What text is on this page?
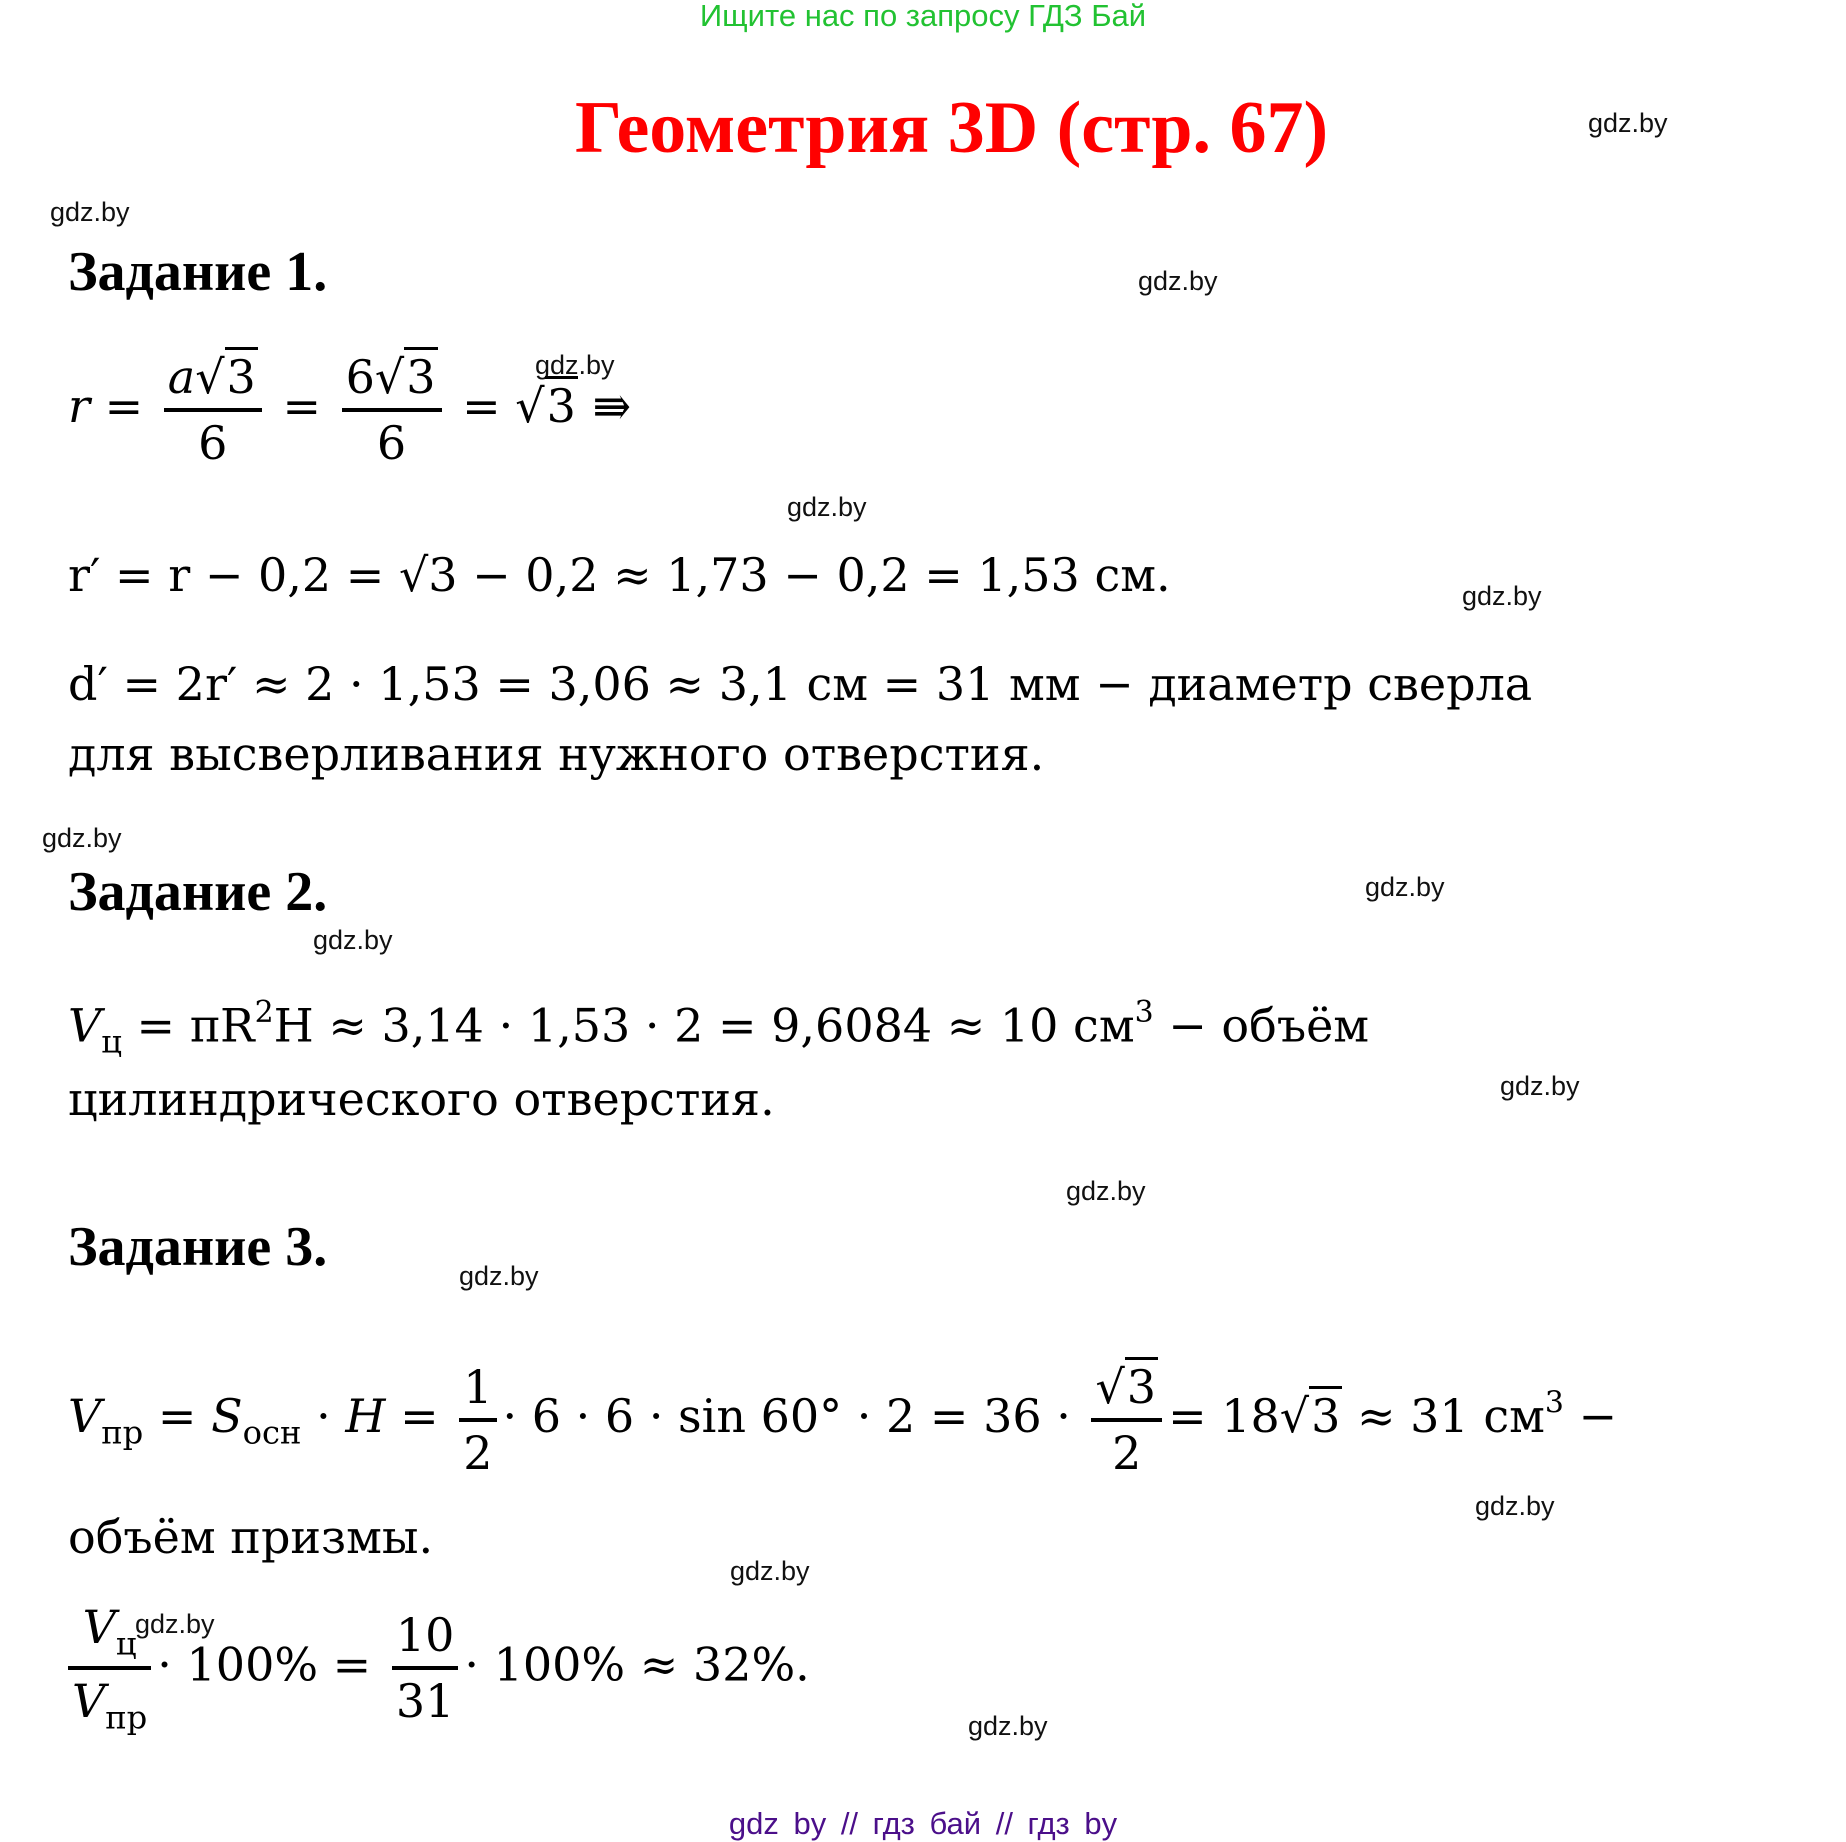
Ищите нас по запросу ГДЗ Бай
Геометрия 3D (стр. 67)	gdz.by
gdz.by
gdz.by
gdz.by
gdz.by
gdz.by
gdz.by
gdz.by
gdz.by
gdz.by
gdz.by
gdz.by
gdz.by
gdz.by
gdz.by
gdz.by
Задание 1.
$r = \frac{a√3}{6} = \frac{6√3}{6} = √3$ ⇛
r′ = r − 0,2 = √3 − 0,2 ≈ 1,73 − 0,2 = 1,53 см.
d′ = 2r′ ≈ 2 · 1,53 = 3,06 ≈ 3,1 см = 31 мм − диаметр сверла
для высверливания нужного отверстия.
Задание 2.
$V_ц = \pi R^2H \approx 3,14 \cdot 1,53 \cdot 2 = 9,6084 \approx 10$ $см^3$ − объём
цилиндрического отверстия.
Задание 3.
$V_{пр} = S_{осн} \cdot H = \frac{1}{2} \cdot 6 \cdot 6 \cdot \sin 60^\circ \cdot 2 = 36 \cdot \frac{√3}{2} = 18√3 \approx 31$ $см^3$ −
объём призмы.
$\frac{V_ц}{V_{пр}} \cdot 100\% = \frac{10}{31} \cdot 100\% \approx 32\%$.
gdz by // гдз бай // гдз by
